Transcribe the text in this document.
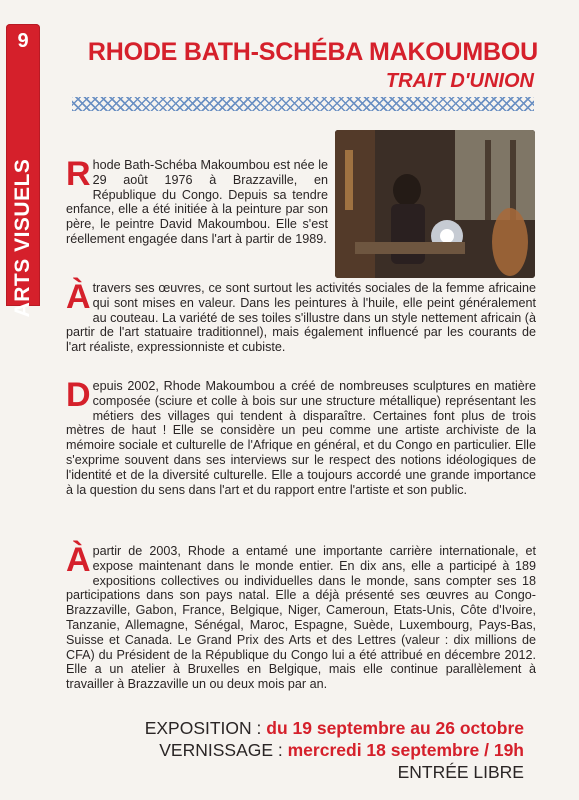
9
ARTS VISUELS
RHODE BATH-SCHÉBA MAKOUMBOU
TRAIT D'UNION

Rhode Bath-Schéba Makoumbou est née le 29 août 1976 à Brazzaville, en République du Congo. Depuis sa tendre enfance, elle a été initiée à la peinture par son père, le peintre David Makoumbou. Elle s'est réellement engagée dans l'art à partir de 1989.

À travers ses œuvres, ce sont surtout les activités sociales de la femme africaine qui sont mises en valeur. Dans les peintures à l'huile, elle peint généralement au couteau. La variété de ses toiles s'illustre dans un style nettement africain (à partir de l'art statuaire traditionnel), mais également influencé par les courants de l'art réaliste, expressionniste et cubiste.

Depuis 2002, Rhode Makoumbou a créé de nombreuses sculptures en matière composée (sciure et colle à bois sur une structure métallique) représentant les métiers des villages qui tendent à disparaître. Certaines font plus de trois mètres de haut ! Elle se considère un peu comme une artiste archiviste de la mémoire sociale et culturelle de l'Afrique en général, et du Congo en particulier. Elle s'exprime souvent dans ses interviews sur le respect des notions idéologiques de l'identité et de la diversité culturelle. Elle a toujours accordé une grande importance à la question du sens dans l'art et du rapport entre l'artiste et son public.

À partir de 2003, Rhode a entamé une importante carrière internationale, et expose maintenant dans le monde entier. En dix ans, elle a participé à 189 expositions collectives ou individuelles dans le monde, sans compter ses 18 participations dans son pays natal. Elle a déjà présenté ses œuvres au Congo-Brazzaville, Gabon, France, Belgique, Niger, Cameroun, Etats-Unis, Côte d'Ivoire, Tanzanie, Allemagne, Sénégal, Maroc, Espagne, Suède, Luxembourg, Pays-Bas, Suisse et Canada. Le Grand Prix des Arts et des Lettres (valeur : dix millions de CFA) du Président de la République du Congo lui a été attribué en décembre 2012. Elle a un atelier à Bruxelles en Belgique, mais elle continue parallèlement à travailler à Brazzaville un ou deux mois par an.

EXPOSITION : du 19 septembre au 26 octobre
VERNISSAGE : mercredi 18 septembre / 19h
ENTRÉE LIBRE
